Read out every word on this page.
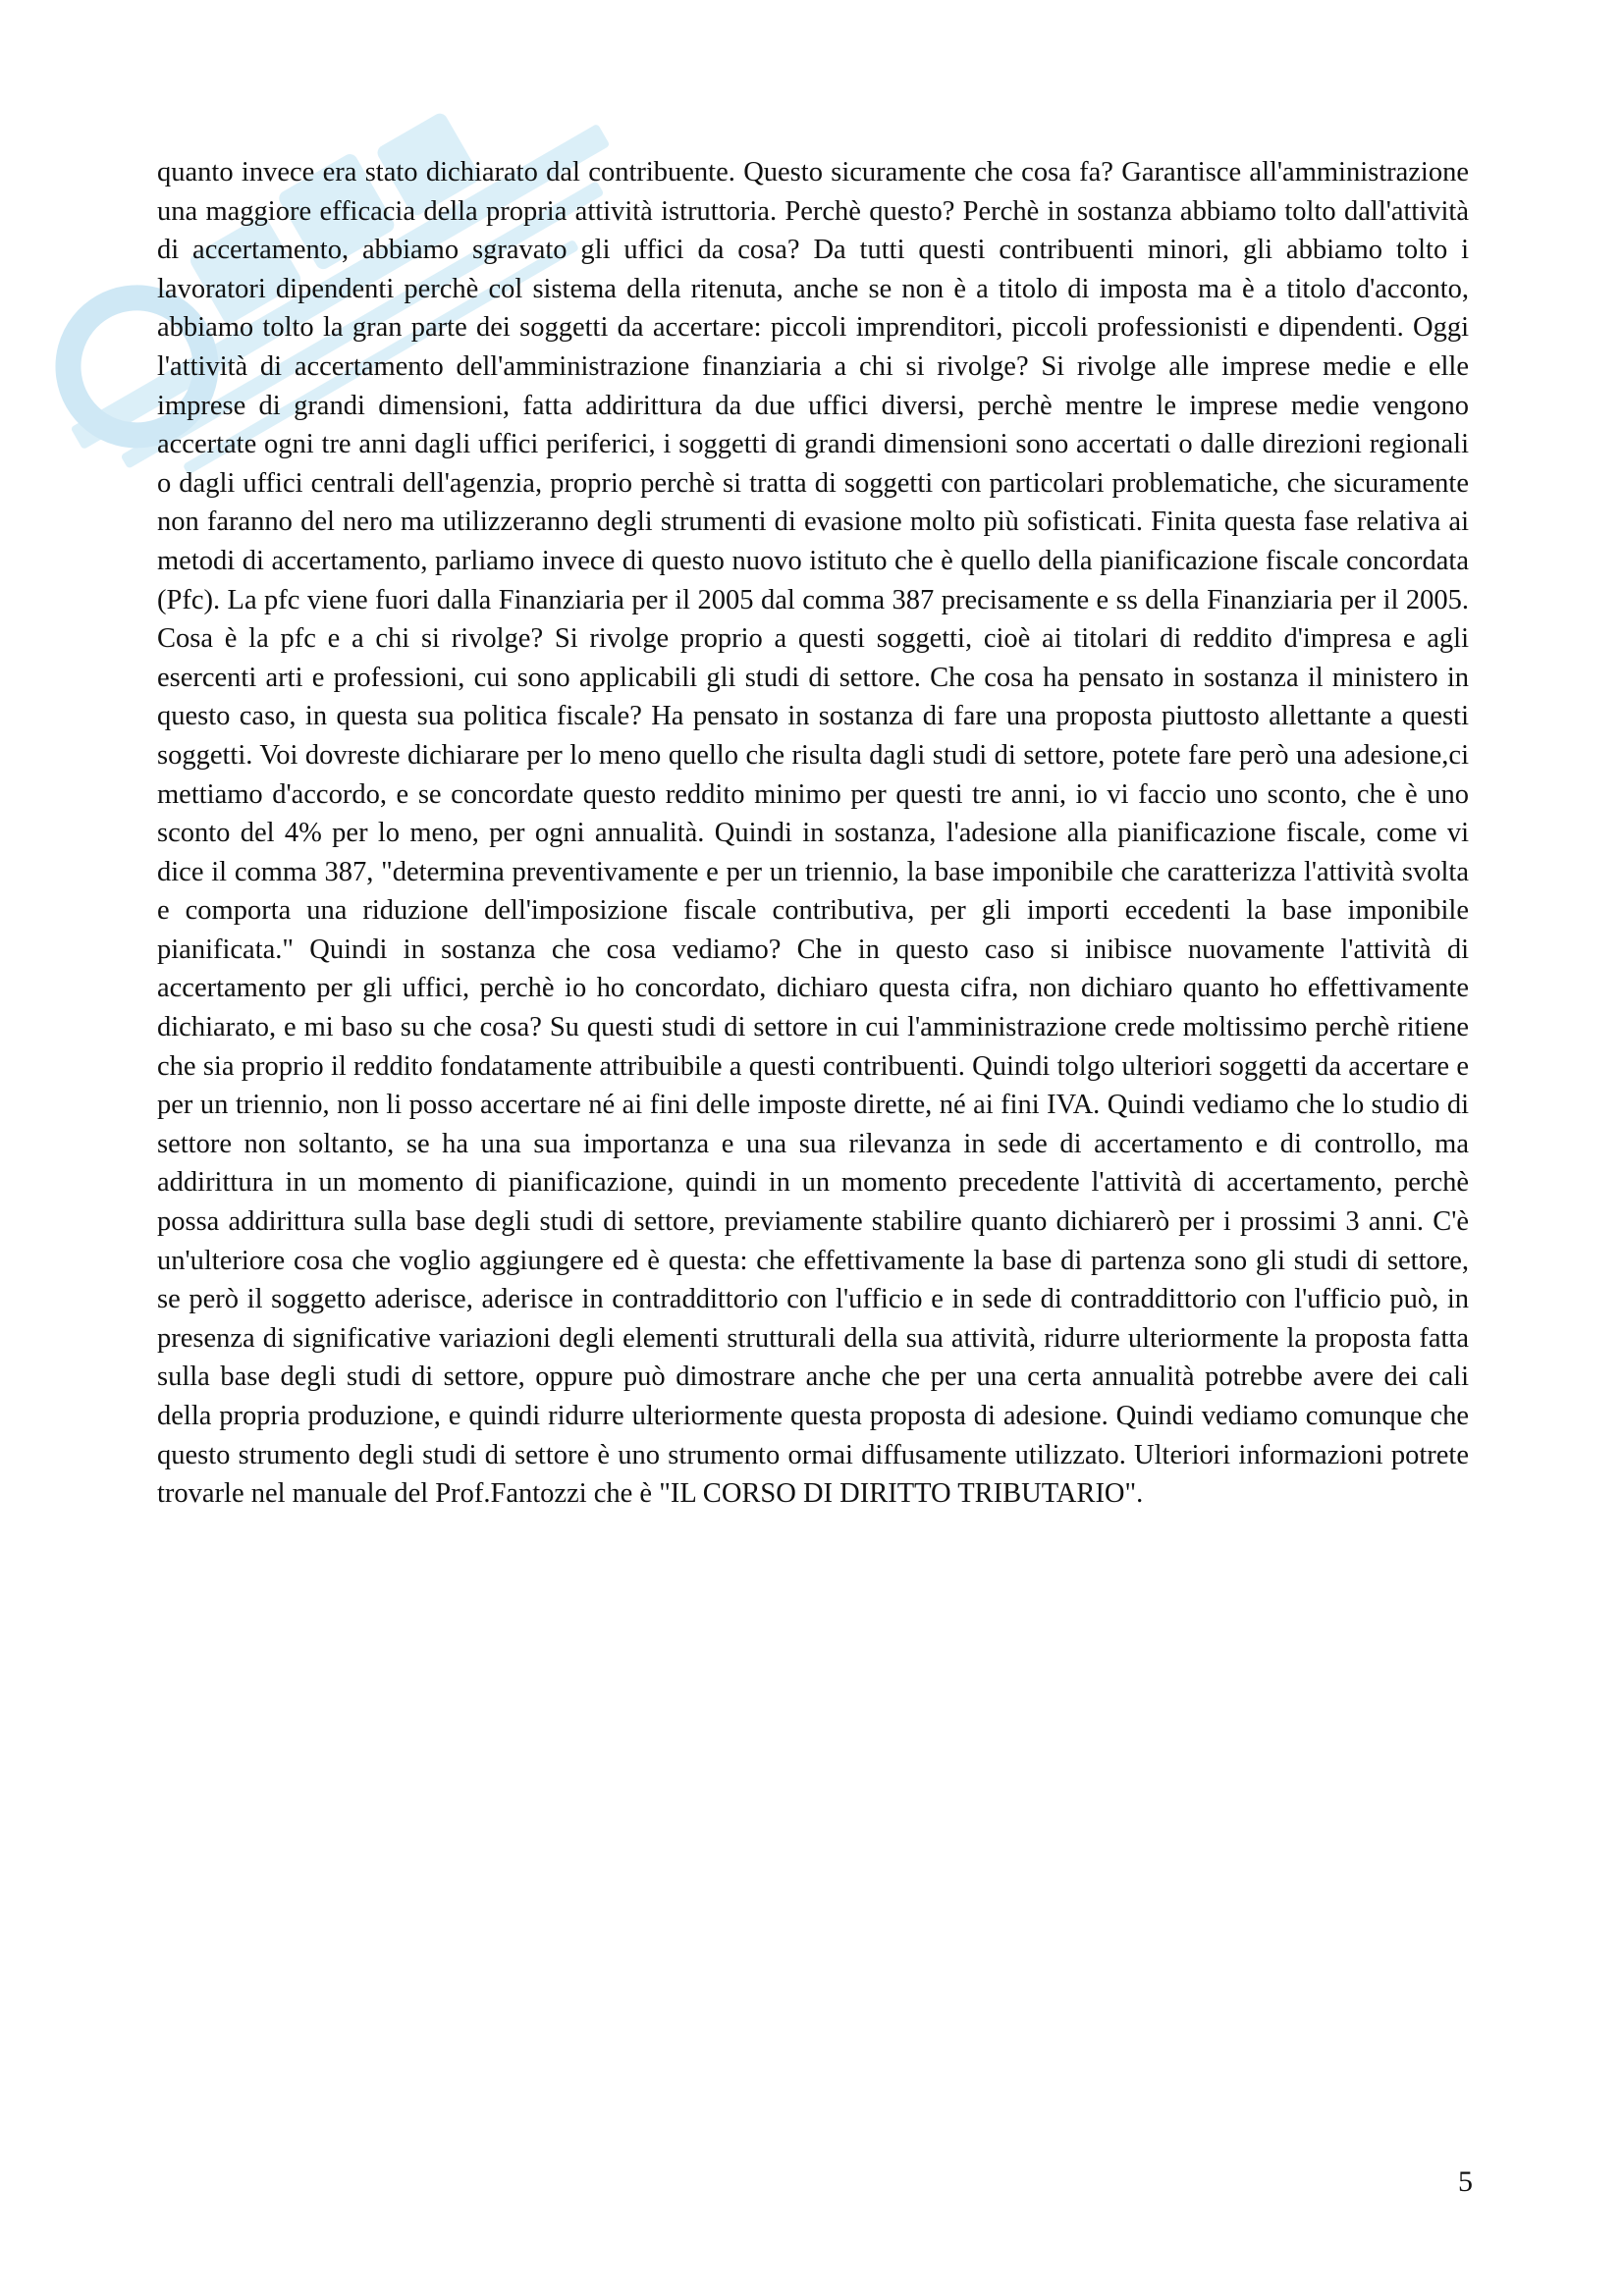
quanto invece era stato dichiarato dal contribuente. Questo sicuramente che cosa fa? Garantisce all'amministrazione una maggiore efficacia della propria attività istruttoria. Perchè questo? Perchè in sostanza abbiamo tolto dall'attività di accertamento, abbiamo sgravato gli uffici da cosa? Da tutti questi contribuenti minori, gli abbiamo tolto i lavoratori dipendenti perchè col sistema della ritenuta, anche se non è a titolo di imposta ma è a titolo d'acconto, abbiamo tolto la gran parte dei soggetti da accertare: piccoli imprenditori, piccoli professionisti e dipendenti. Oggi l'attività di accertamento dell'amministrazione finanziaria a chi si rivolge? Si rivolge alle imprese medie e elle imprese di grandi dimensioni, fatta addirittura da due uffici diversi, perchè mentre le imprese medie vengono accertate ogni tre anni dagli uffici periferici, i soggetti di grandi dimensioni sono accertati o dalle direzioni regionali o dagli uffici centrali dell'agenzia, proprio perchè si tratta di soggetti con particolari problematiche, che sicuramente non faranno del nero ma utilizzeranno degli strumenti di evasione molto più sofisticati. Finita questa fase relativa ai metodi di accertamento, parliamo invece di questo nuovo istituto che è quello della pianificazione fiscale concordata (Pfc). La pfc viene fuori dalla Finanziaria per il 2005 dal comma 387 precisamente e ss della Finanziaria per il 2005. Cosa è la pfc e a chi si rivolge? Si rivolge proprio a questi soggetti, cioè ai titolari di reddito d'impresa e agli esercenti arti e professioni, cui sono applicabili gli studi di settore. Che cosa ha pensato in sostanza il ministero in questo caso, in questa sua politica fiscale? Ha pensato in sostanza di fare una proposta piuttosto allettante a questi soggetti. Voi dovreste dichiarare per lo meno quello che risulta dagli studi di settore, potete fare però una adesione,ci mettiamo d'accordo, e se concordate questo reddito minimo per questi tre anni, io vi faccio uno sconto, che è uno sconto del 4% per lo meno, per ogni annualità. Quindi in sostanza, l'adesione alla pianificazione fiscale, come vi dice il comma 387, "determina preventivamente e per un triennio, la base imponibile che caratterizza l'attività svolta e comporta una riduzione dell'imposizione fiscale contributiva, per gli importi eccedenti la base imponibile pianificata." Quindi in sostanza che cosa vediamo? Che in questo caso si inibisce nuovamente l'attività di accertamento per gli uffici, perchè io ho concordato, dichiaro questa cifra, non dichiaro quanto ho effettivamente dichiarato, e mi baso su che cosa? Su questi studi di settore in cui l'amministrazione crede moltissimo perchè ritiene che sia proprio il reddito fondatamente attribuibile a questi contribuenti. Quindi tolgo ulteriori soggetti da accertare e per un triennio, non li posso accertare né ai fini delle imposte dirette, né ai fini IVA. Quindi vediamo che lo studio di settore non soltanto, se ha una sua importanza e una sua rilevanza in sede di accertamento e di controllo, ma addirittura in un momento di pianificazione, quindi in un momento precedente l'attività di accertamento, perchè possa addirittura sulla base degli studi di settore, previamente stabilire quanto dichiarerò per i prossimi 3 anni. C'è un'ulteriore cosa che voglio aggiungere ed è questa: che effettivamente la base di partenza sono gli studi di settore, se però il soggetto aderisce, aderisce in contraddittorio con l'ufficio e in sede di contraddittorio con l'ufficio può, in presenza di significative variazioni degli elementi strutturali della sua attività, ridurre ulteriormente la proposta fatta sulla base degli studi di settore, oppure può dimostrare anche che per una certa annualità potrebbe avere dei cali della propria produzione, e quindi ridurre ulteriormente questa proposta di adesione. Quindi vediamo comunque che questo strumento degli studi di settore è uno strumento ormai diffusamente utilizzato. Ulteriori informazioni potrete trovarle nel manuale del Prof.Fantozzi che è "IL CORSO DI DIRITTO TRIBUTARIO".

5
